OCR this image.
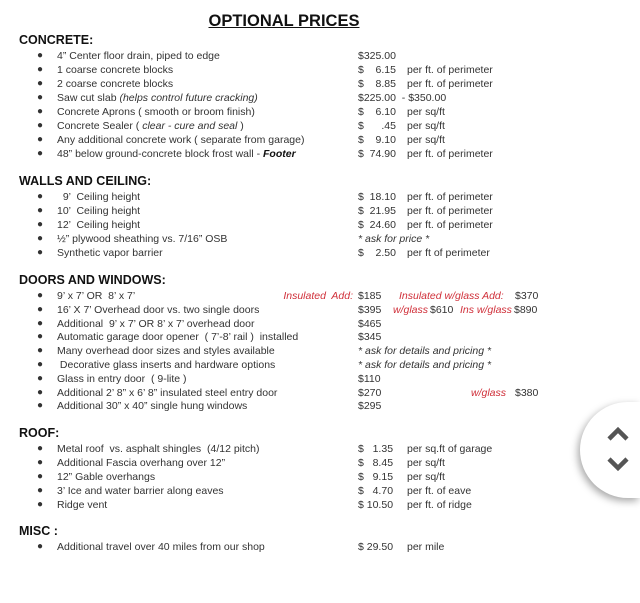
OPTIONAL PRICES
CONCRETE:
● 4” Center floor drain, piped to edge	$325.00
● 1 coarse concrete blocks	$    6.15 per ft. of perimeter
● 2 coarse concrete blocks	$    8.85 per ft. of perimeter
● Saw cut slab (helps control future cracking)	$225.00  - $350.00
● Concrete Aprons ( smooth or broom finish)	$    6.10 per sq/ft
● Concrete Sealer ( clear - cure and seal )	$      .45 per sq/ft
● Any additional concrete work ( separate from garage)	$    9.10 per sq/ft
● 48” below ground-concrete block frost wall - Footer	$  74.90 per ft. of perimeter
WALLS AND CEILING:
● 9’  Ceiling height	$  18.10 per ft. of perimeter
● 10’  Ceiling height	$  21.95 per ft. of perimeter
● 12’  Ceiling height	$  24.60 per ft. of perimeter
● ½” plywood sheathing vs. 7/16” OSB	* ask for price *
● Synthetic vapor barrier	$    2.50 per ft of perimeter
DOORS AND WINDOWS:
● 9’ x 7’ OR  8’ x 7’	Insulated  Add: $185 Insulated w/glass Add: $370
● 16’ X 7’ Overhead door vs. two single doors	$395 w/glass $610 Ins w/glass $890
● Additional  9’ x 7’ OR 8’ x 7’ overhead door	$465
● Automatic garage door opener  ( 7’-8’ rail )  installed	$345
● Many overhead door sizes and styles available	* ask for details and pricing *
● Decorative glass inserts and hardware options	* ask for details and pricing *
● Glass in entry door  ( 9-lite )	$110
● Additional 2’ 8” x 6’ 8” insulated steel entry door	$270	w/glass $380
● Additional 30” x 40” single hung windows	$295
ROOF:
● Metal roof  vs. asphalt shingles  (4/12 pitch)	$   1.35 per sq.ft of garage
● Additional Fascia overhang over 12”	$   8.45 per sq/ft
● 12” Gable overhangs	$   9.15 per sq/ft
● 3’ Ice and water barrier along eaves	$   4.70 per ft. of eave
● Ridge vent	$ 10.50 per ft. of ridge
MISC :
● Additional travel over 40 miles from our shop	$ 29.50 per mile
